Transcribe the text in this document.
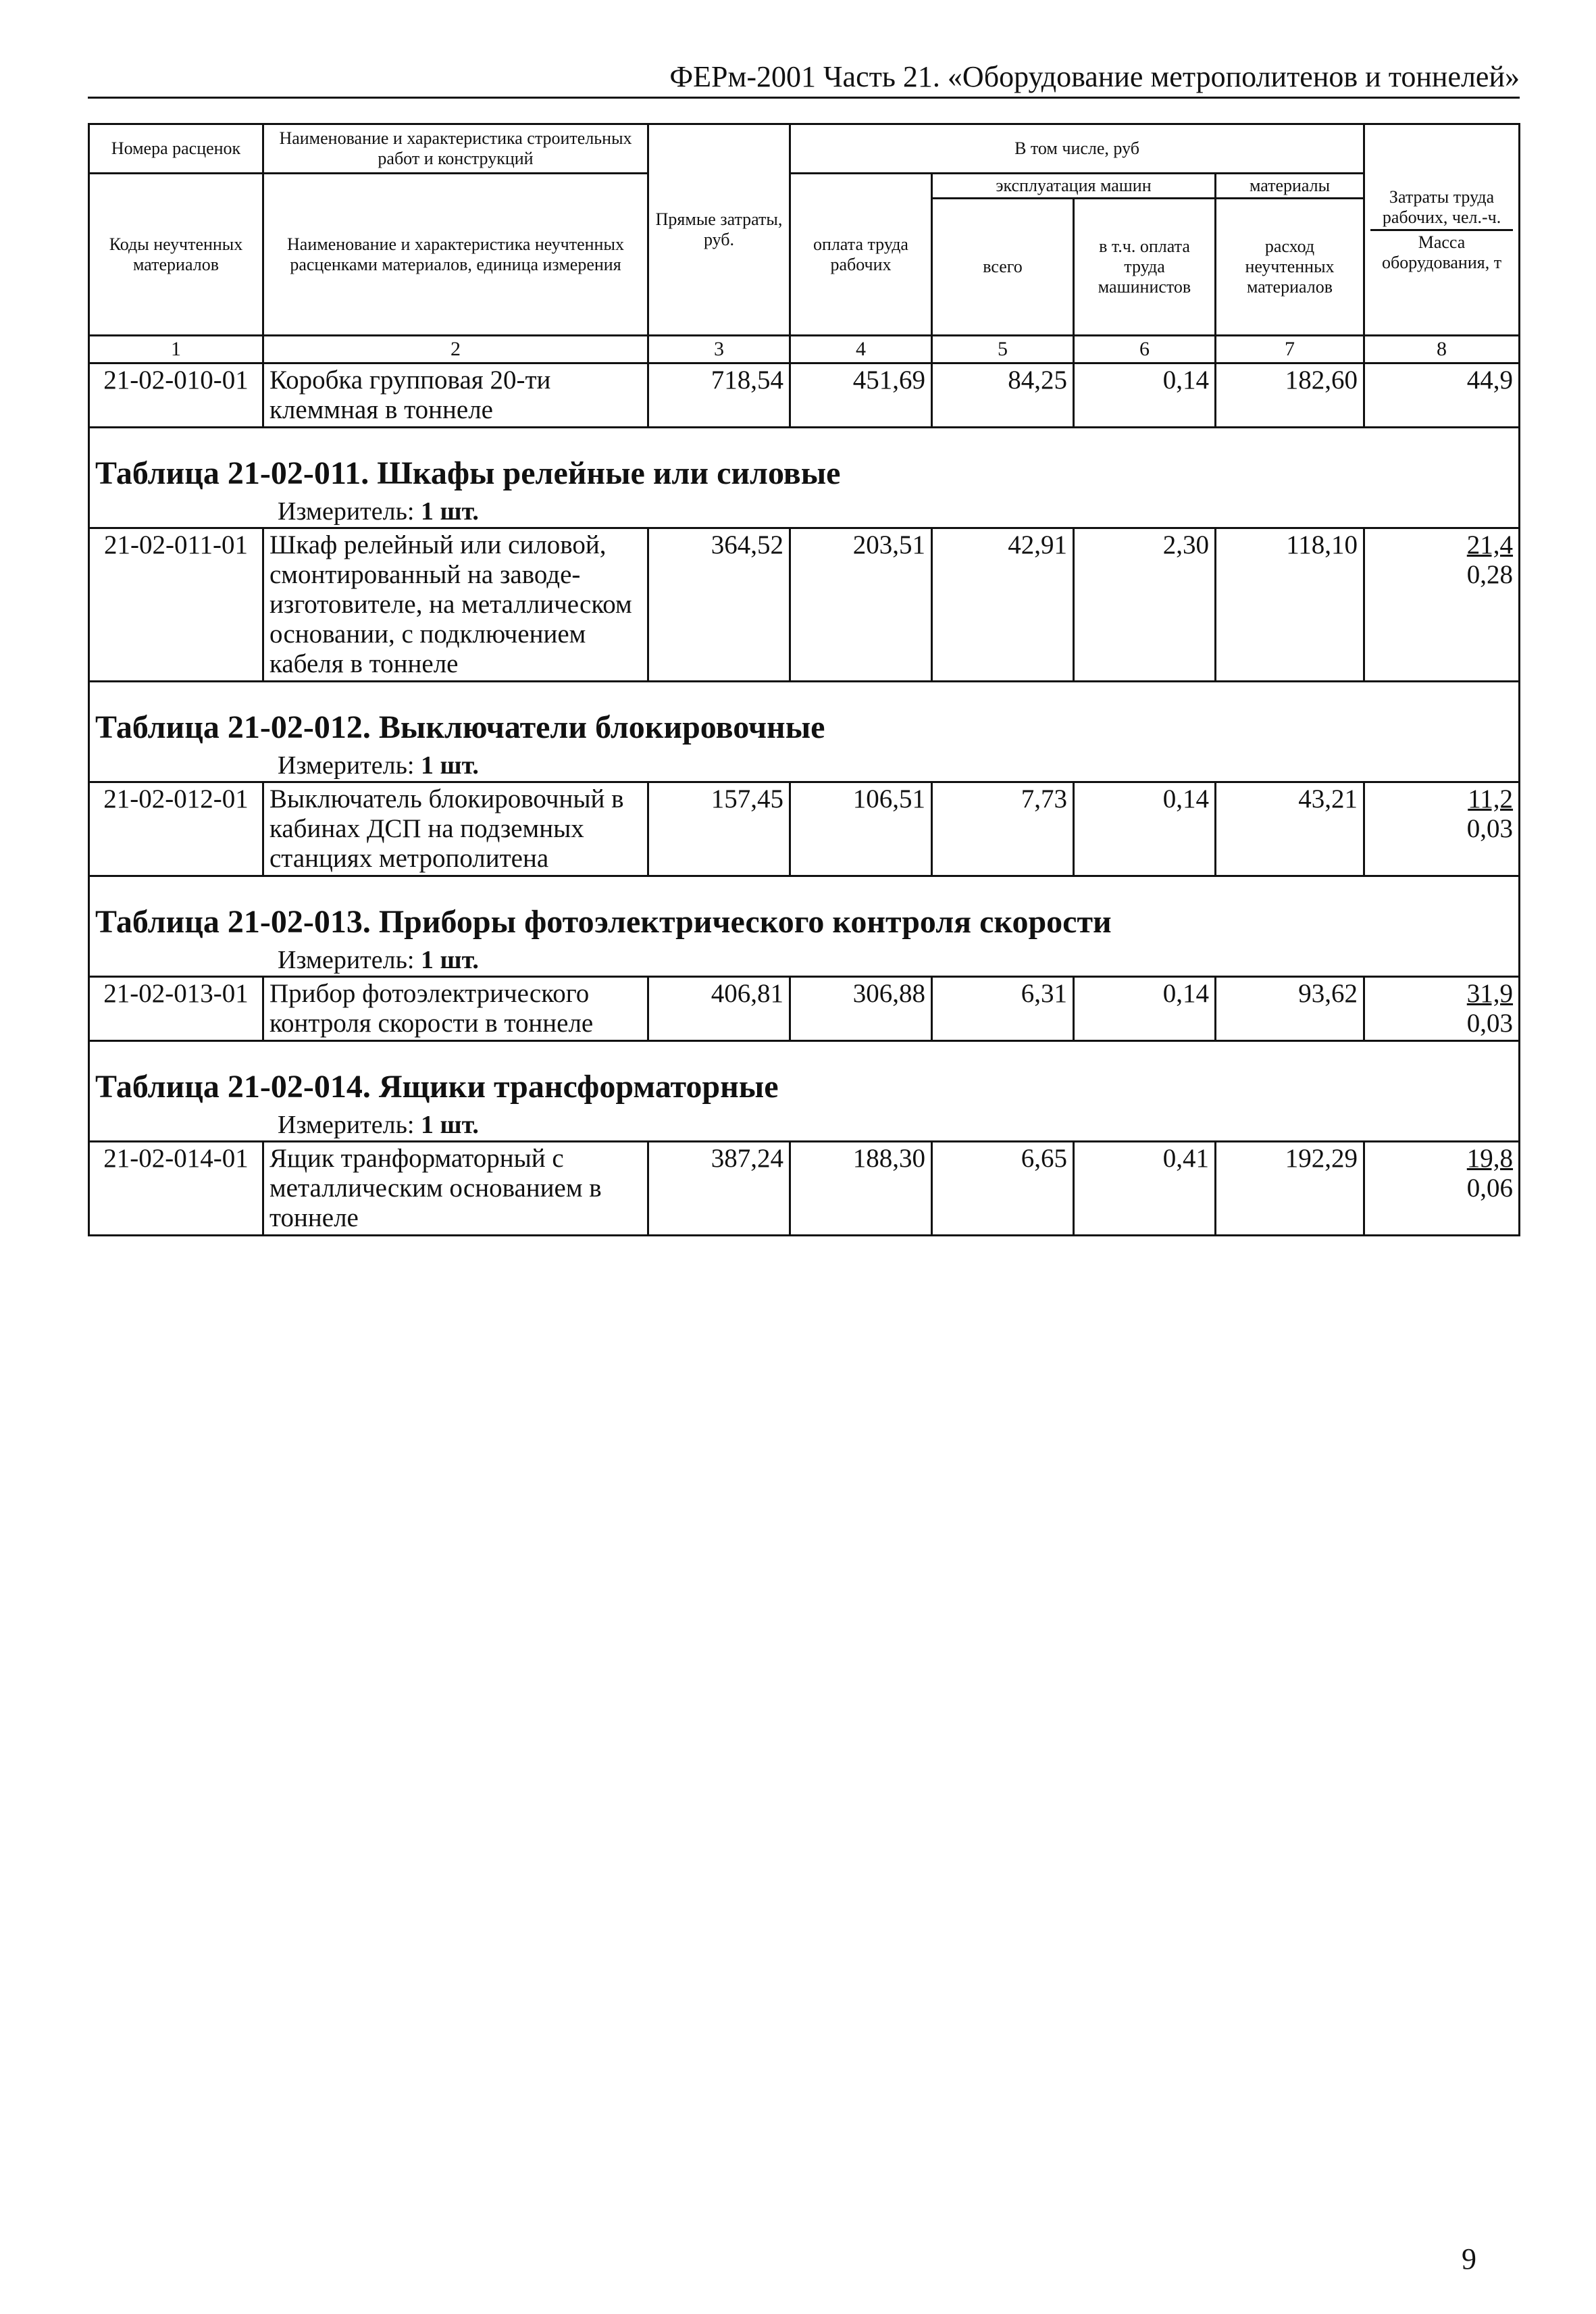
ФЕРм-2001 Часть 21. «Оборудование метрополитенов и тоннелей»
Номера расценок	Наименование и характеристика строительных работ и конструкций	Прямые затраты, руб.	В том числе, руб				Затраты труда рабочих, чел.-ч.
Масса оборудования, т

Коды неучтенных материалов	Наименование и характеристика неучтенных расценками материалов, единица измерения		оплата труда рабочих	эксплуатация машин		материалы	
				всего	в т.ч. оплата труда машинистов	расход неучтенных материалов	
1	2	3	4	5	6	7	8
21-02-010-01	Коробка групповая 20-ти клеммная в тоннеле	718,54	451,69	84,25	0,14	182,60	44,9

Таблица 21-02-011. Шкафы релейные или силовые							

Измеритель: 1 шт.							

21-02-011-01	Шкаф релейный или силовой, смонтированный на заводе-изготовителе, на металлическом основании, с подключением кабеля в тоннеле	364,52	203,51	42,91	2,30	118,10	21,4
0,28

Таблица 21-02-012. Выключатели блокировочные							

Измеритель: 1 шт.							

21-02-012-01	Выключатель блокировочный в кабинах ДСП на подземных станциях метрополитена	157,45	106,51	7,73	0,14	43,21	11,2
0,03

Таблица 21-02-013. Приборы фотоэлектрического контроля скорости							

Измеритель: 1 шт.							

21-02-013-01	Прибор фотоэлектрического контроля скорости в тоннеле	406,81	306,88	6,31	0,14	93,62	31,9
0,03

Таблица 21-02-014. Ящики трансформаторные							

Измеритель: 1 шт.							

21-02-014-01	Ящик транформаторный с металлическим основанием в тоннеле	387,24	188,30	6,65	0,41	192,29	19,8
0,06
9
